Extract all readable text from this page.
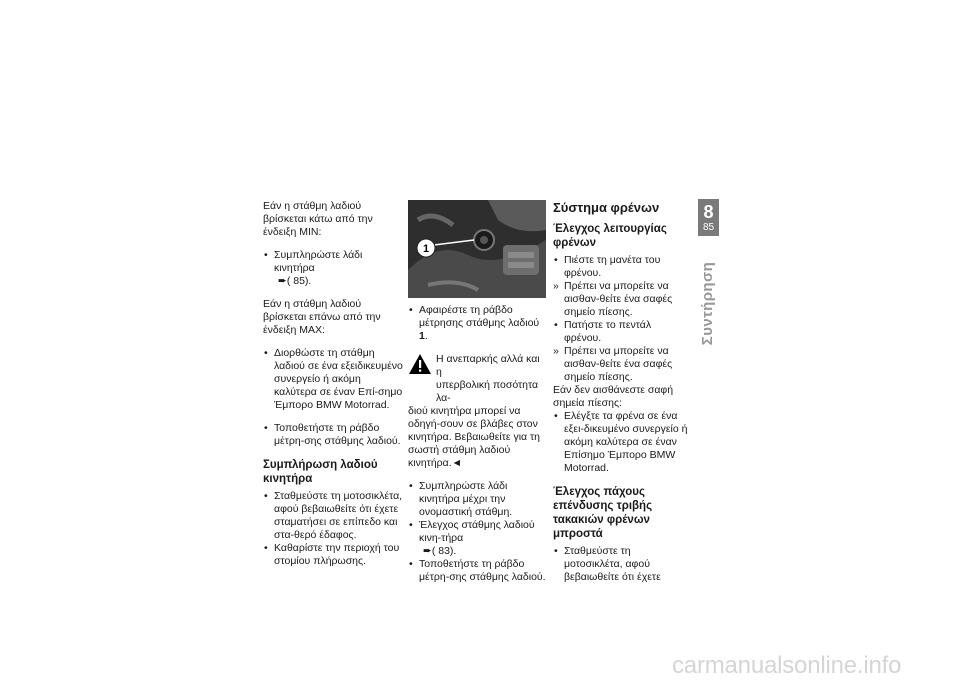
Εάν η στάθμη λαδιού βρίσκεται κάτω από την ένδειξη MIN:

• Συμπληρώστε λάδι κινητήρα
➨( 85).

Εάν η στάθμη λαδιού βρίσκεται επάνω από την ένδειξη MAX:

• Διορθώστε τη στάθμη λαδιού σε ένα εξειδικευμένο συνεργείο ή ακόμη καλύτερα σε έναν Επί-σημο Έμπορο BMW Motorrad.
• Τοποθετήστε τη ράβδο μέτρη-σης στάθμης λαδιού.
Συμπλήρωση λαδιού κινητήρα
• Σταθμεύστε τη μοτοσικλέτα, αφού βεβαιωθείτε ότι έχετε σταματήσει σε επίπεδο και στα-θερό έδαφος.
• Καθαρίστε την περιοχή του στομίου πλήρωσης.
1
• Αφαιρέστε τη ράβδο μέτρησης στάθμης λαδιού 1.
Η ανεπαρκής αλλά και η
υπερβολική ποσότητα λα-
διού κινητήρα μπορεί να οδηγή-σουν σε βλάβες στον κινητήρα. Βεβαιωθείτε για τη σωστή στάθμη λαδιού κινητήρα.◄
• Συμπληρώστε λάδι κινητήρα μέχρι την ονομαστική στάθμη.
• Έλεγχος στάθμης λαδιού κινη-τήρα
➨( 83).
• Τοποθετήστε τη ράβδο μέτρη-σης στάθμης λαδιού.
Σύστημα φρένων
Έλεγχος λειτουργίας φρένων
• Πιέστε τη μανέτα του φρένου.
» Πρέπει να μπορείτε να αισθαν-θείτε ένα σαφές σημείο πίεσης.
• Πατήστε το πεντάλ φρένου.
» Πρέπει να μπορείτε να αισθαν-θείτε ένα σαφές σημείο πίεσης.

Εάν δεν αισθάνεστε σαφή σημεία πίεσης:

• Ελέγξτε τα φρένα σε ένα εξει-δικευμένο συνεργείο ή ακόμη καλύτερα σε έναν Επίσημο Έμπορο BMW Motorrad.
Έλεγχος πάχους επένδυσης τριβής τακακιών φρένων μπροστά
• Σταθμεύστε τη μοτοσικλέτα, αφού βεβαιωθείτε ότι έχετε
8
85
Συντήρηση
carmanualsonline.info
